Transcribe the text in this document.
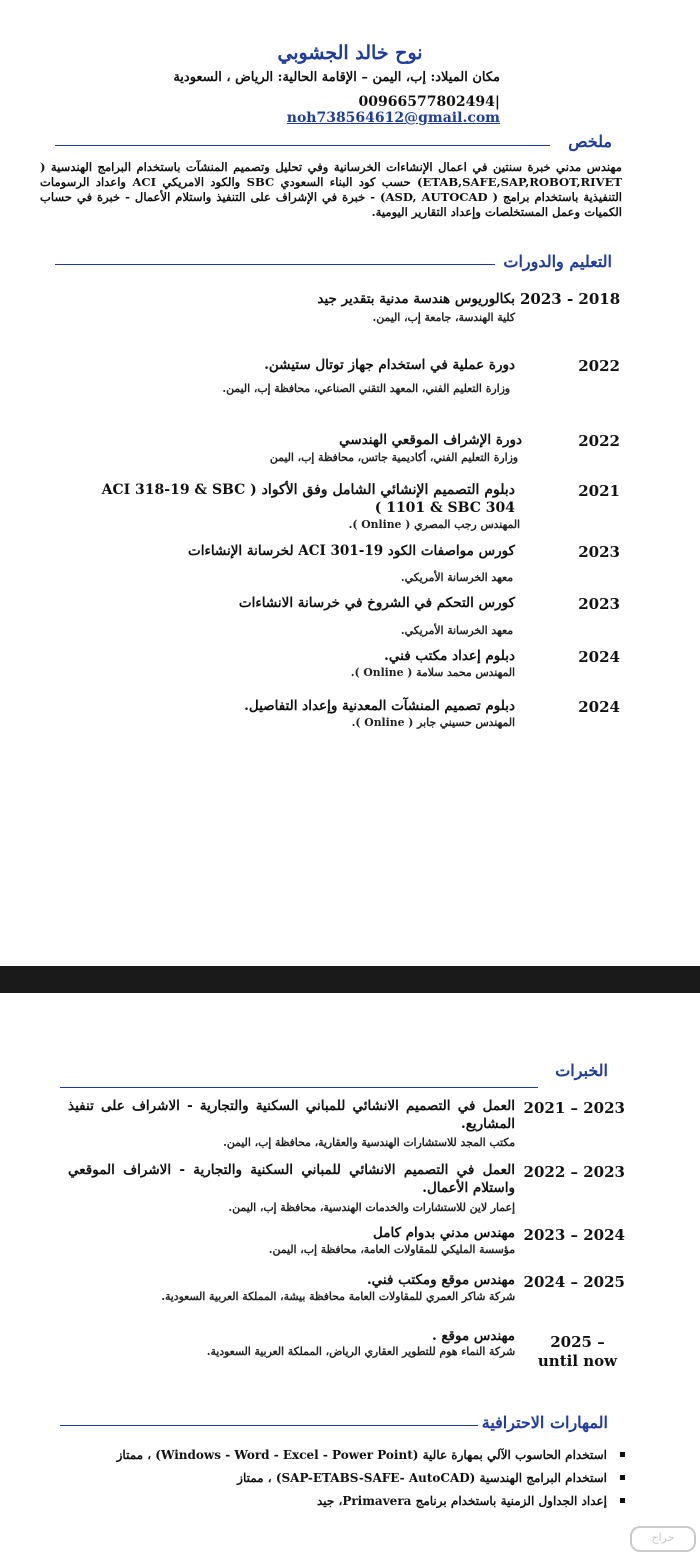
نوح خالد الجشوبي
مكان الميلاد: إب، اليمن – الإقامة الحالية: الرياض ، السعودية
00966577802494| noh738564612@gmail.com
ملخص
مهندس مدني خبرة سنتين في اعمال الإنشاءات الخرسانية وفي تحليل وتصميم المنشآت باستخدام البرامج الهندسية ( ETAB,SAFE,SAP,ROBOT,RIVET) حسب كود البناء السعودي SBC والكود الامريكي ACI واعداد الرسومات التنفيذية باستخدام برامج ( ASD, AUTOCAD) - خبرة في الإشراف على التنفيذ واستلام الأعمال - خبرة في حساب الكميات وعمل المستخلصات وإعداد التقارير اليومية.
التعليم والدورات
2023 - 2018
بكالوريوس هندسة مدنية بتقدير جيد
كلية الهندسة، جامعة إب، اليمن.
2022
دورة عملية في استخدام جهاز توتال ستيشن.
وزارة التعليم الفني، المعهد التقني الصناعي، محافظة إب، اليمن.
2022
دورة الإشراف الموقعي الهندسي
وزارة التعليم الفني، أكاديمية جاتس، محافظة إب، اليمن
2021
دبلوم التصميم الإنشائي الشامل وفق الأكواد ( ACI 318-19 & SBC 1101 & SBC 304 )
المهندس رجب المصري ( Online ).
2023
كورس مواصفات الكود ACI 301-19 لخرسانة الإنشاءات
معهد الخرسانة الأمريكي.
2023
كورس التحكم في الشروخ في خرسانة الانشاءات
معهد الخرسانة الأمريكي.
2024
دبلوم إعداد مكتب فني.
المهندس محمد سلامة ( Online ).
2024
دبلوم تصميم المنشآت المعدنية وإعداد التفاصيل.
المهندس حسيني جابر ( Online ).
الخبرات
2021 – 2023
العمل في التصميم الانشائي للمباني السكنية والتجارية - الاشراف على تنفيذ المشاريع.
مكتب المجد للاستشارات الهندسية والعقارية، محافظة إب، اليمن.
2022 – 2023
العمل في التصميم الانشائي للمباني السكنية والتجارية - الاشراف الموقعي واستلام الأعمال.
إعمار لاين للاستشارات والخدمات الهندسية، محافظة إب، اليمن.
2023 – 2024
مهندس مدني بدوام كامل
مؤسسة المليكي للمقاولات العامة، محافظة إب، اليمن.
2024 – 2025
مهندس موقع ومكتب فني.
شركة شاكر العمري للمقاولات العامة محافظة بيشة، المملكة العربية السعودية.
2025 – until now
مهندس موقع .
شركة النماء هوم للتطوير العقاري الرياض، المملكة العربية السعودية.
المهارات الاحترافية
استخدام الحاسوب الآلي بمهارة عالية (Windows - Word - Excel - Power Point) ، ممتاز
استخدام البرامج الهندسية (SAP-ETABS-SAFE- AutoCAD) ، ممتاز
إعداد الجداول الزمنية باستخدام برنامج Primavera، جيد
حراج
